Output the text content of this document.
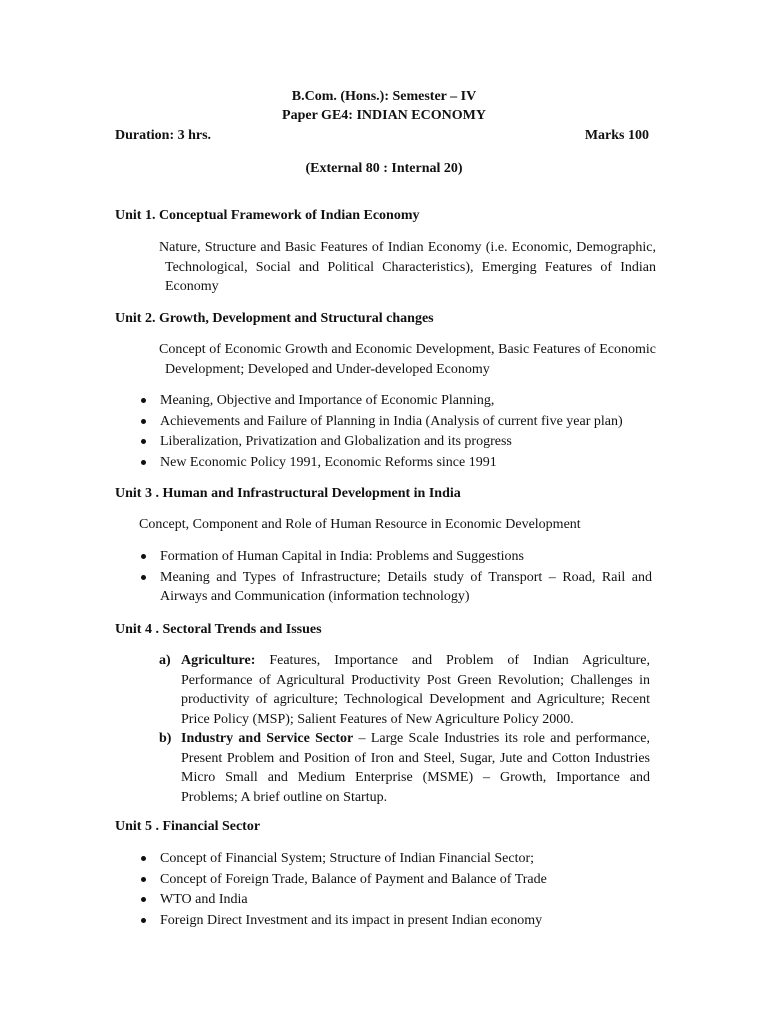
B.Com. (Hons.): Semester – IV

Paper GE4: INDIAN ECONOMY

Duration: 3 hrs.	Marks 100

(External 80 : Internal 20)

Unit 1. Conceptual Framework of Indian Economy

Nature, Structure and Basic Features of Indian Economy (i.e. Economic, Demographic, Technological, Social and Political Characteristics), Emerging Features of Indian Economy

Unit 2. Growth, Development and Structural changes

Concept of Economic Growth and Economic Development, Basic Features of Economic Development; Developed and Under-developed Economy

Meaning, Objective and Importance of Economic Planning,
Achievements and Failure of Planning in India (Analysis of current five year plan)
Liberalization, Privatization and Globalization and its progress
New Economic Policy 1991, Economic Reforms since 1991

Unit 3 . Human and Infrastructural Development in India

Concept, Component and Role of Human Resource in Economic Development

Formation of Human Capital in India: Problems and Suggestions
Meaning and Types of Infrastructure; Details study of Transport – Road, Rail and Airways and Communication (information technology)

Unit 4 . Sectoral Trends and Issues

a) Agriculture: Features, Importance and Problem of Indian Agriculture, Performance of Agricultural Productivity Post Green Revolution; Challenges in productivity of agriculture; Technological Development and Agriculture; Recent Price Policy (MSP); Salient Features of New Agriculture Policy 2000.
b) Industry and Service Sector – Large Scale Industries its role and performance, Present Problem and Position of Iron and Steel, Sugar, Jute and Cotton Industries Micro Small and Medium Enterprise (MSME) – Growth, Importance and Problems; A brief outline on Startup.

Unit 5 . Financial Sector

Concept of Financial System; Structure of Indian Financial Sector;
Concept of Foreign Trade, Balance of Payment and Balance of Trade
WTO and India
Foreign Direct Investment and its impact in present Indian economy
